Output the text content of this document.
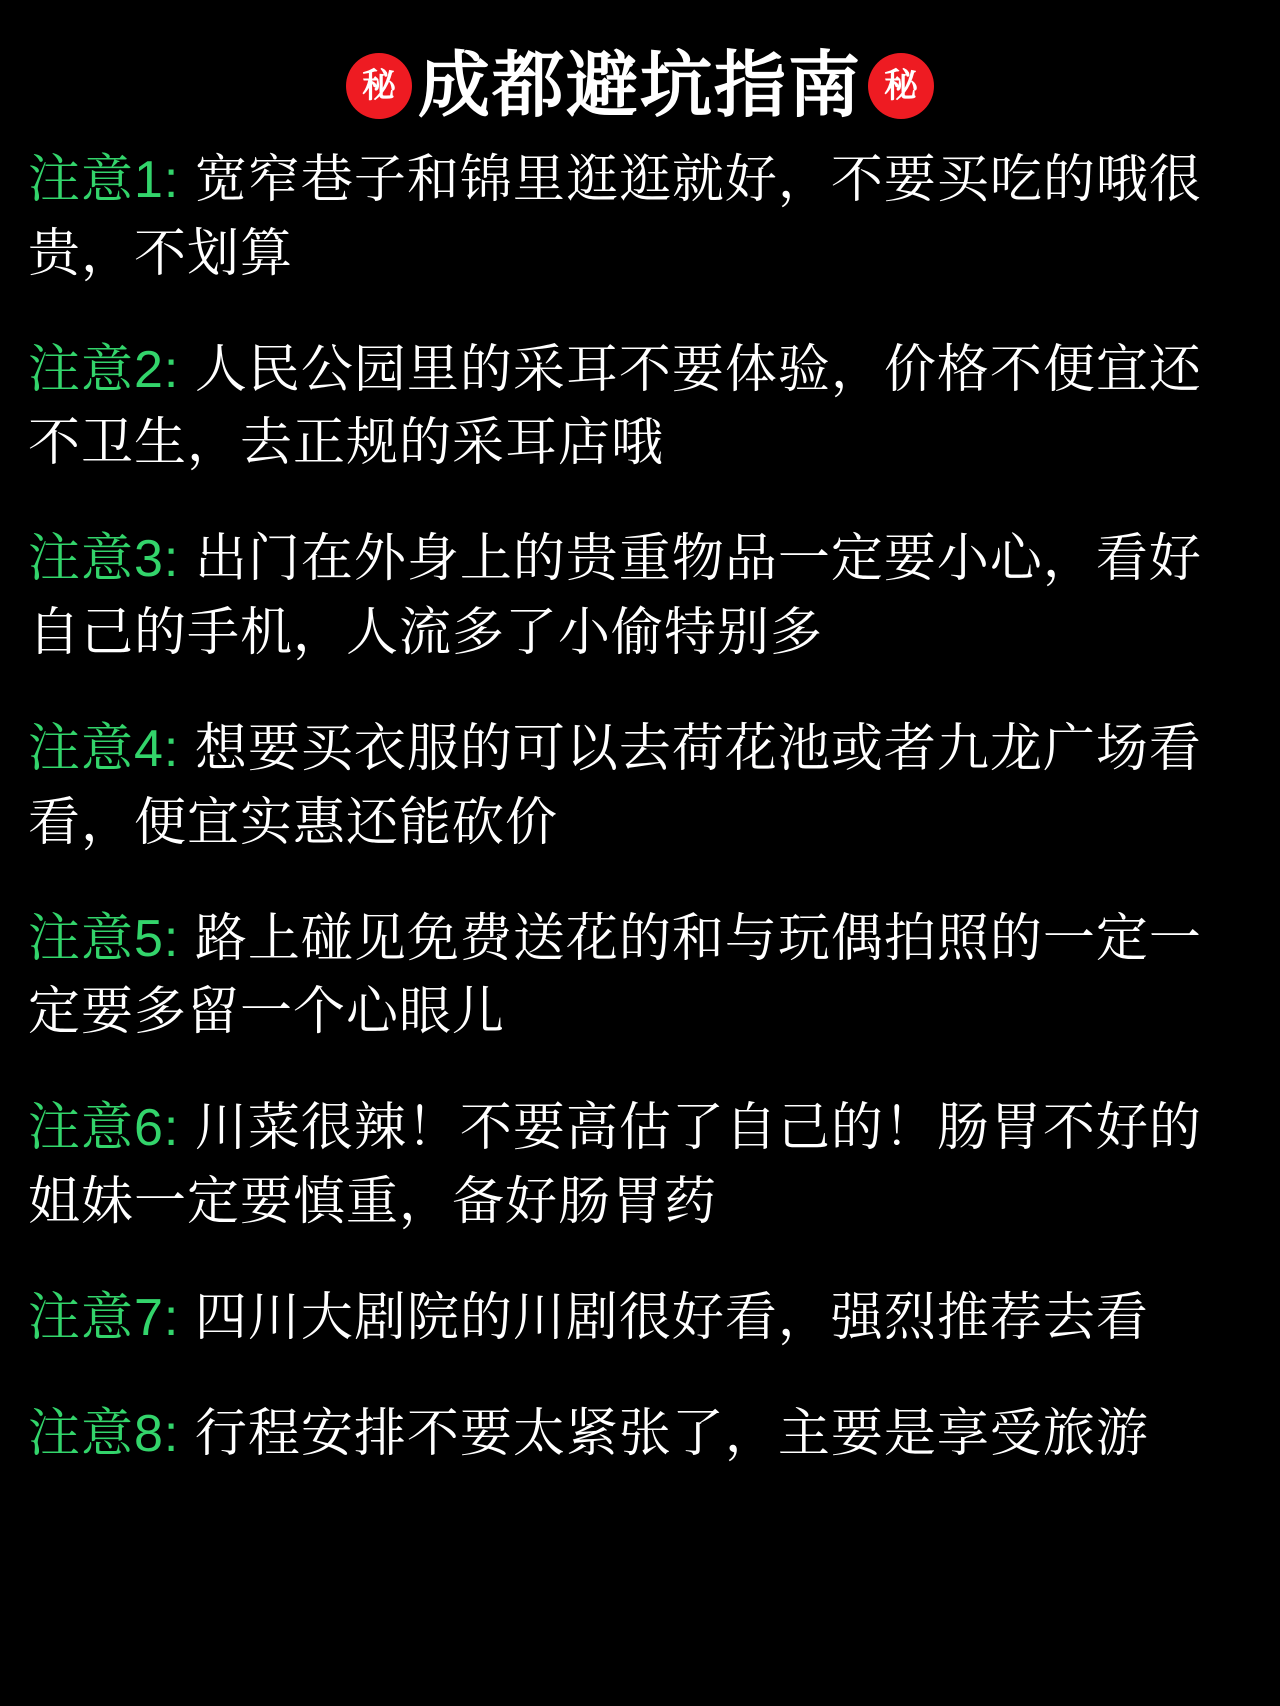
秘 成都避坑指南 秘

注意1: 宽窄巷子和锦里逛逛就好，不要买吃的哦很贵，不划算

注意2: 人民公园里的采耳不要体验，价格不便宜还不卫生，去正规的采耳店哦

注意3: 出门在外身上的贵重物品一定要小心，看好自己的手机，人流多了小偷特别多

注意4: 想要买衣服的可以去荷花池或者九龙广场看看，便宜实惠还能砍价

注意5: 路上碰见免费送花的和与玩偶拍照的一定一定要多留一个心眼儿

注意6: 川菜很辣！不要高估了自己的！肠胃不好的姐妹一定要慎重，备好肠胃药

注意7: 四川大剧院的川剧很好看，强烈推荐去看

注意8: 行程安排不要太紧张了，主要是享受旅游
